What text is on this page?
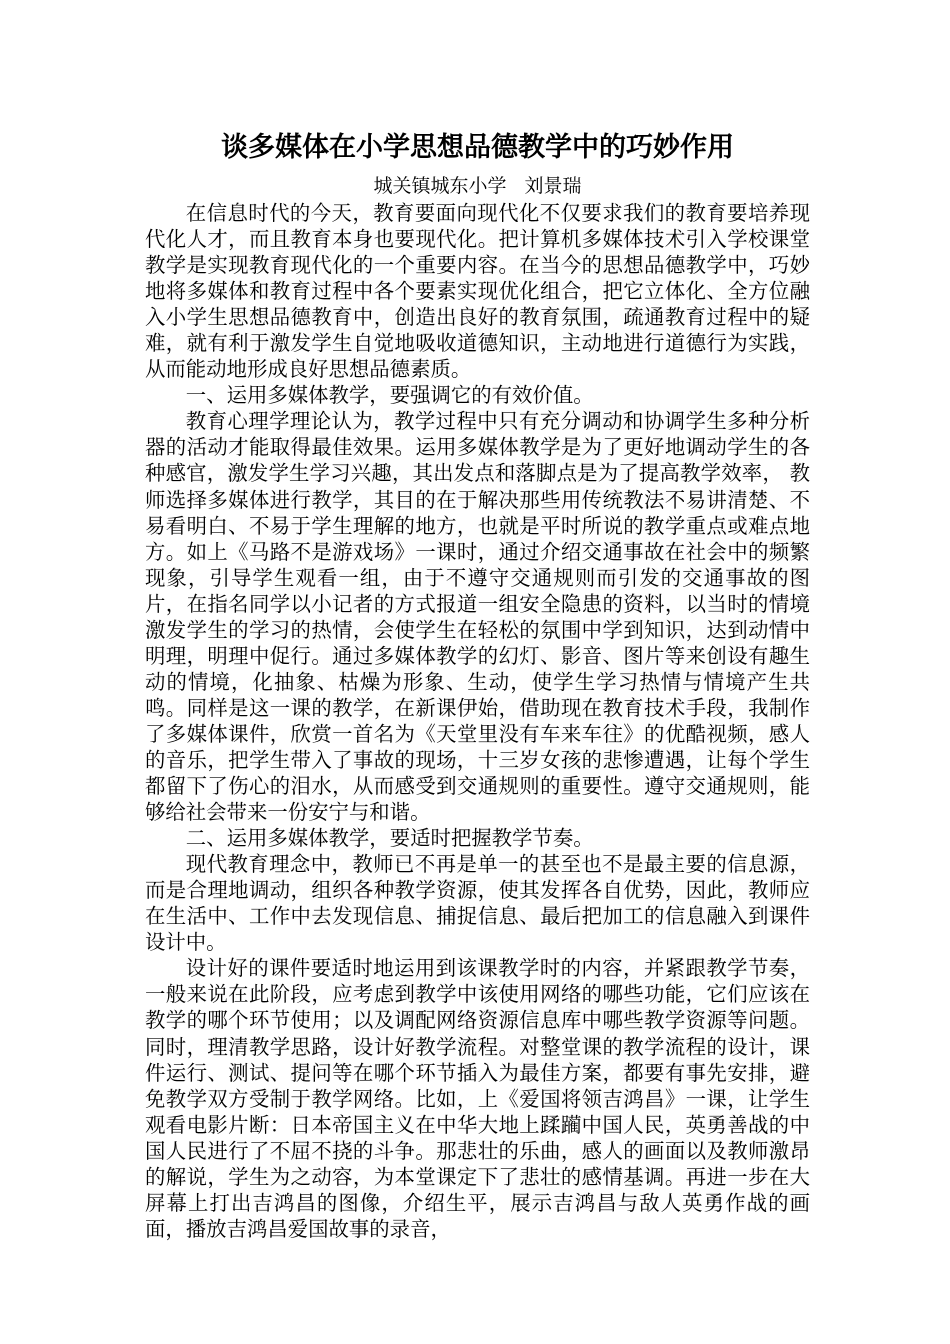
谈多媒体在小学思想品德教学中的巧妙作用
城关镇城东小学   刘景瑞

在信息时代的今天，教育要面向现代化不仅要求我们的教育要培养现代化人才，而且教育本身也要现代化。把计算机多媒体技术引入学校课堂教学是实现教育现代化的一个重要内容。在当今的思想品德教学中，巧妙地将多媒体和教育过程中各个要素实现优化组合，把它立体化、全方位融入小学生思想品德教育中，创造出良好的教育氛围，疏通教育过程中的疑难，就有利于激发学生自觉地吸收道德知识，主动地进行道德行为实践，从而能动地形成良好思想品德素质。

一、运用多媒体教学，要强调它的有效价值。

教育心理学理论认为，教学过程中只有充分调动和协调学生多种分析器的活动才能取得最佳效果。运用多媒体教学是为了更好地调动学生的各种感官，激发学生学习兴趣，其出发点和落脚点是为了提高教学效率， 教师选择多媒体进行教学，其目的在于解决那些用传统教法不易讲清楚、不易看明白、不易于学生理解的地方，也就是平时所说的教学重点或难点地方。如上《马路不是游戏场》一课时，通过介绍交通事故在社会中的频繁现象，引导学生观看一组，由于不遵守交通规则而引发的交通事故的图片，在指名同学以小记者的方式报道一组安全隐患的资料，以当时的情境激发学生的学习的热情，会使学生在轻松的氛围中学到知识，达到动情中明理，明理中促行。通过多媒体教学的幻灯、影音、图片等来创设有趣生动的情境，化抽象、枯燥为形象、生动，使学生学习热情与情境产生共鸣。同样是这一课的教学，在新课伊始，借助现在教育技术手段，我制作了多媒体课件，欣赏一首名为《天堂里没有车来车往》的优酷视频，感人的音乐，把学生带入了事故的现场，十三岁女孩的悲惨遭遇，让每个学生都留下了伤心的泪水，从而感受到交通规则的重要性。遵守交通规则，能够给社会带来一份安宁与和谐。

二、运用多媒体教学，要适时把握教学节奏。

现代教育理念中，教师已不再是单一的甚至也不是最主要的信息源，而是合理地调动，组织各种教学资源，使其发挥各自优势，因此，教师应在生活中、工作中去发现信息、捕捉信息、最后把加工的信息融入到课件设计中。

设计好的课件要适时地运用到该课教学时的内容，并紧跟教学节奏，一般来说在此阶段，应考虑到教学中该使用网络的哪些功能，它们应该在教学的哪个环节使用；以及调配网络资源信息库中哪些教学资源等问题。同时，理清教学思路，设计好教学流程。对整堂课的教学流程的设计，课件运行、测试、提问等在哪个环节插入为最佳方案，都要有事先安排，避免教学双方受制于教学网络。比如，上《爱国将领吉鸿昌》一课，让学生观看电影片断：日本帝国主义在中华大地上蹂躏中国人民，英勇善战的中国人民进行了不屈不挠的斗争。那悲壮的乐曲，感人的画面以及教师激昂的解说，学生为之动容，为本堂课定下了悲壮的感情基调。再进一步在大屏幕上打出吉鸿昌的图像，介绍生平，展示吉鸿昌与敌人英勇作战的画面，播放吉鸿昌爱国故事的录音，
